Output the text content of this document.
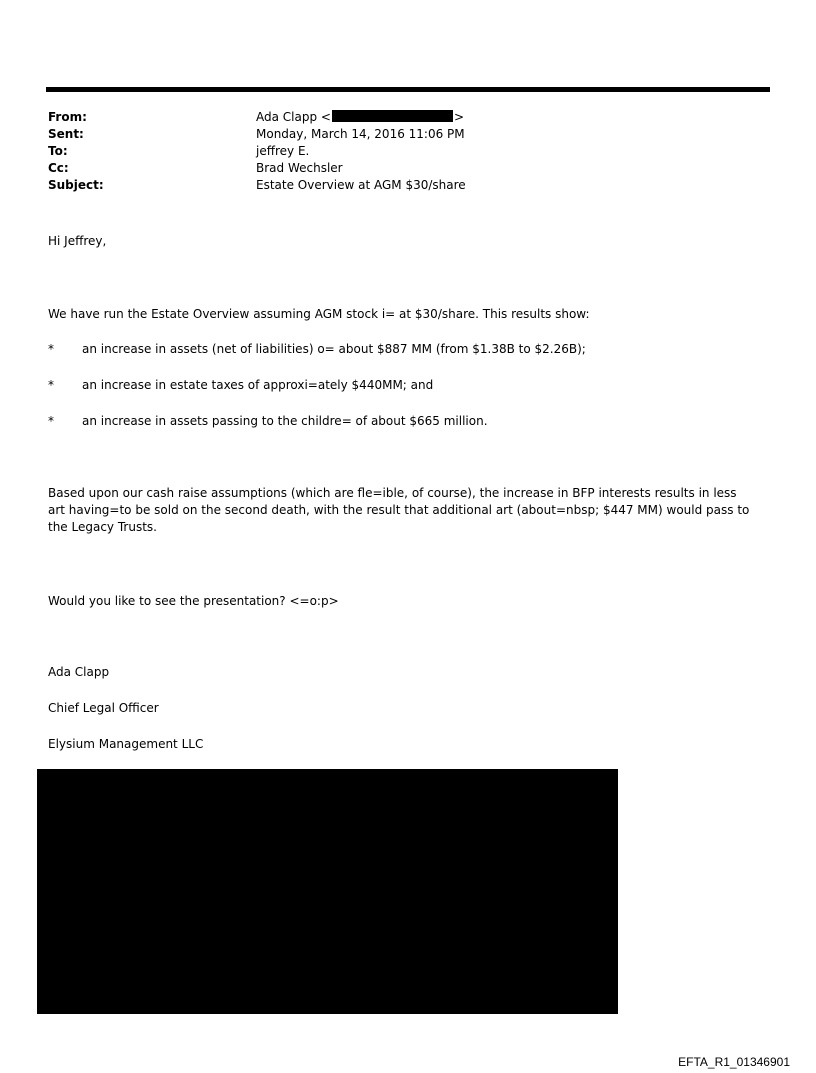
From:	Ada Clapp <	>
Sent:	Monday, March 14, 2016 11:06 PM
To:	jeffrey E.
Cc:	Brad Wechsler
Subject:	Estate Overview at AGM $30/share
Hi Jeffrey,
We have run the Estate Overview assuming AGM stock i= at $30/share. This results show:
* an increase in assets (net of liabilities) o= about $887 MM (from $1.38B to $2.26B);
* an increase in estate taxes of approxi=ately $440MM; and
* an increase in assets passing to the childre= of about $665 million.
Based upon our cash raise assumptions (which are fle=ible, of course), the increase in BFP interests results in less art having=to be sold on the second death, with the result that additional art (about=nbsp; $447 MM) would pass to the Legacy Trusts.
Would you like to see the presentation? <=o:p>
Ada Clapp
Chief Legal Officer
Elysium Management LLC
EFTA_R1_01346901
